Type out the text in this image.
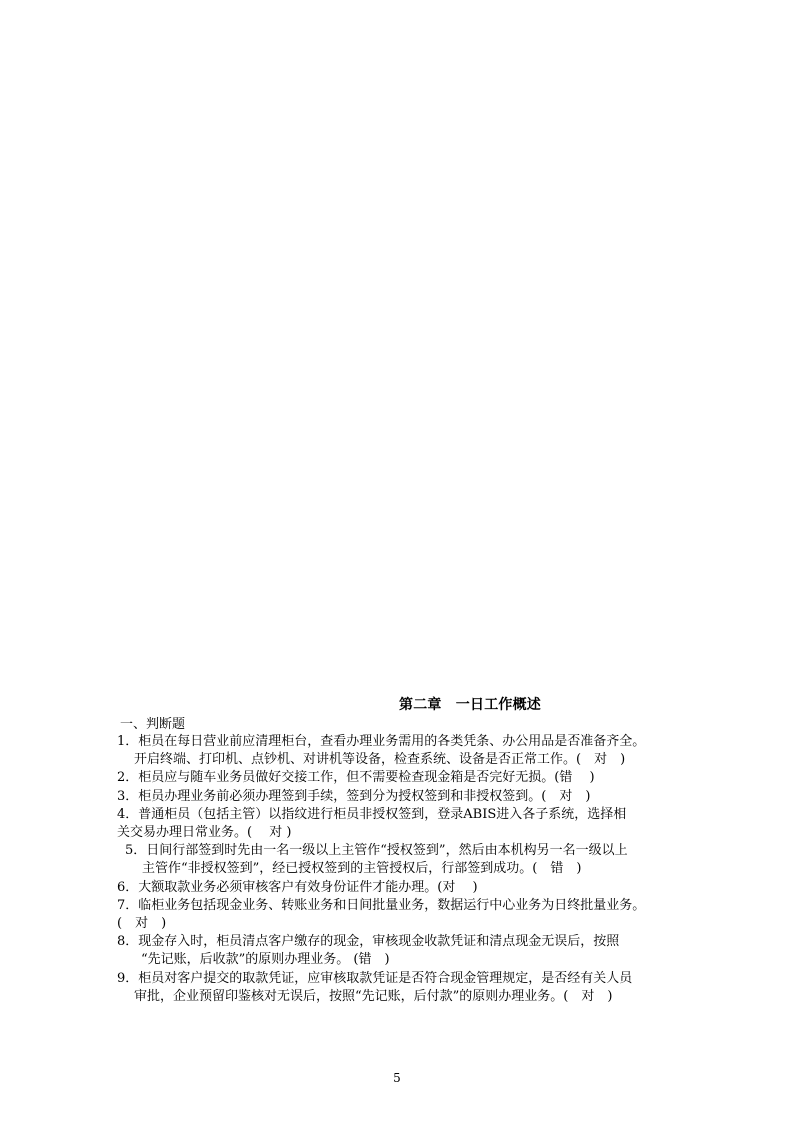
第二章　一日工作概述
一、判断题
1．柜员在每日营业前应清理柜台，查看办理业务需用的各类凭条、办公用品是否准备齐全。
开启终端、打印机、点钞机、对讲机等设备，检查系统、设备是否正常工作。(　对　)
2．柜员应与随车业务员做好交接工作，但不需要检查现金箱是否完好无损。(错　 )
3．柜员办理业务前必须办理签到手续，签到分为授权签到和非授权签到。(　对　)
4．普通柜员（包括主管）以指纹进行柜员非授权签到，登录ABIS进入各子系统，选择相
关交易办理日常业务。(　 对 )
5．日间行部签到时先由一名一级以上主管作“授权签到”，然后由本机构另一名一级以上
主管作“非授权签到”，经已授权签到的主管授权后，行部签到成功。(　错　)
6．大额取款业务必须审核客户有效身份证件才能办理。(对　 )
7．临柜业务包括现金业务、转账业务和日间批量业务，数据运行中心业务为日终批量业务。
(　对　)
8．现金存入时，柜员清点客户缴存的现金，审核现金收款凭证和清点现金无误后，按照
“先记账，后收款”的原则办理业务。 (错　)
9．柜员对客户提交的取款凭证，应审核取款凭证是否符合现金管理规定，是否经有关人员
审批，企业预留印鉴核对无误后，按照“先记账，后付款”的原则办理业务。(　对　)
5
